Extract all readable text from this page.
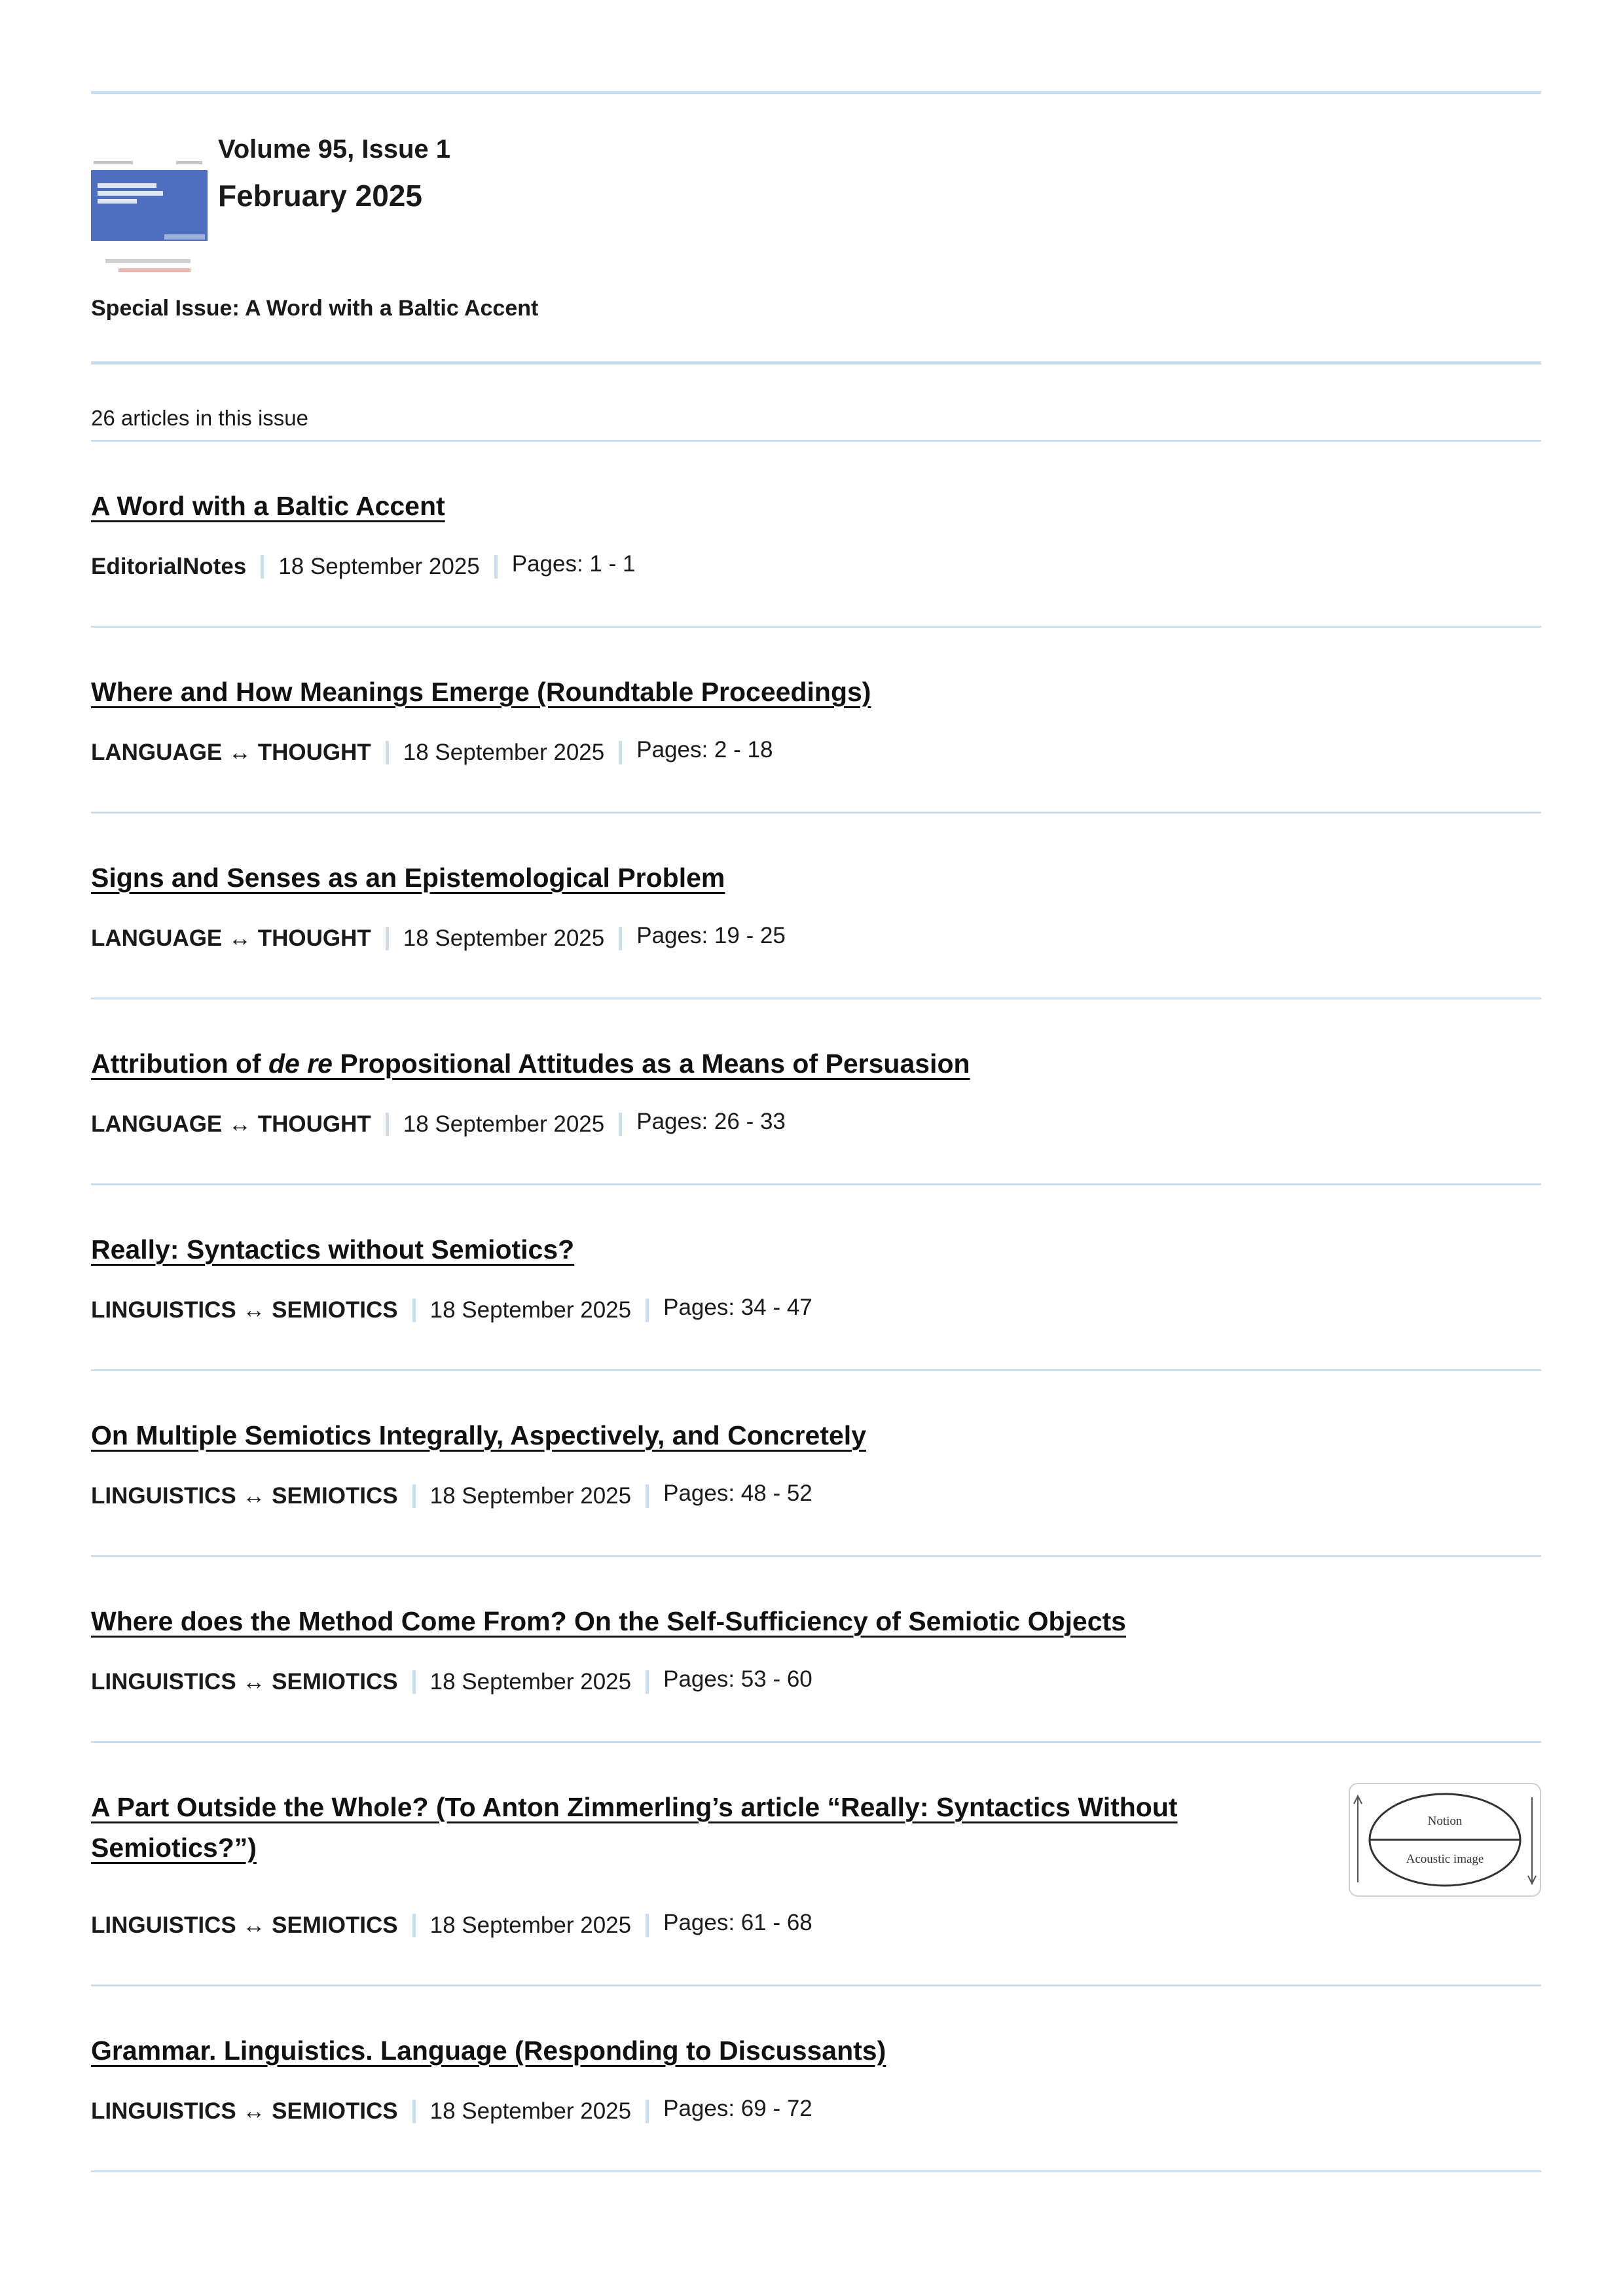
Volume 95, Issue 1
February 2025
Special Issue: A Word with a Baltic Accent
26 articles in this issue
A Word with a Baltic Accent
EditorialNotes 18 September 2025 Pages: 1 - 1
Where and How Meanings Emerge (Roundtable Proceedings)
LANGUAGE ↔ THOUGHT 18 September 2025 Pages: 2 - 18
Signs and Senses as an Epistemological Problem
LANGUAGE ↔ THOUGHT 18 September 2025 Pages: 19 - 25
Attribution of de re Propositional Attitudes as a Means of Persuasion
LANGUAGE ↔ THOUGHT 18 September 2025 Pages: 26 - 33
Really: Syntactics without Semiotics?
LINGUISTICS ↔ SEMIOTICS 18 September 2025 Pages: 34 - 47
On Multiple Semiotics Integrally, Aspectively, and Concretely
LINGUISTICS ↔ SEMIOTICS 18 September 2025 Pages: 48 - 52
Where does the Method Come From? On the Self-Sufficiency of Semiotic Objects
LINGUISTICS ↔ SEMIOTICS 18 September 2025 Pages: 53 - 60
A Part Outside the Whole? (To Anton Zimmerling’s article “Really: Syntactics Without Semiotics?”)
Notion
Acoustic image
LINGUISTICS ↔ SEMIOTICS 18 September 2025 Pages: 61 - 68
Grammar. Linguistics. Language (Responding to Discussants)
LINGUISTICS ↔ SEMIOTICS 18 September 2025 Pages: 69 - 72
